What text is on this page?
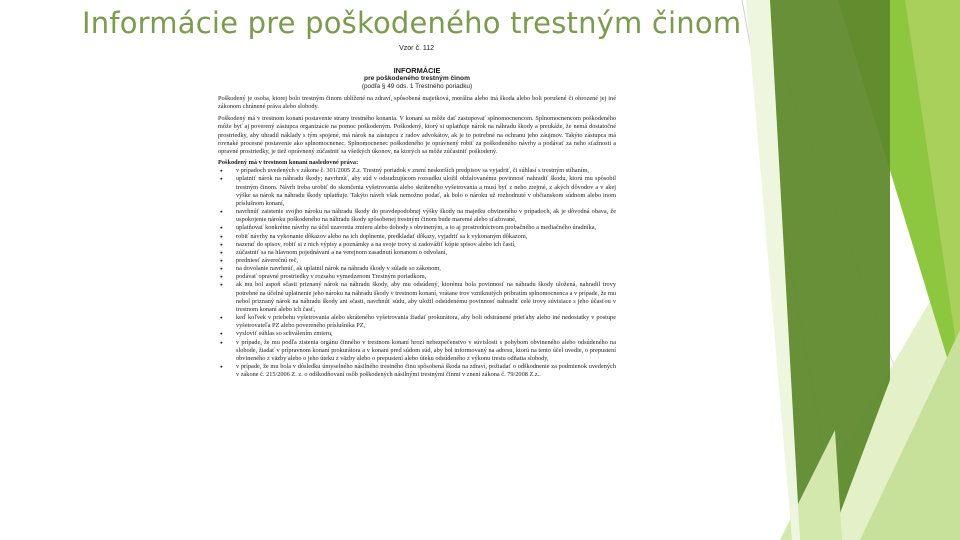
Informácie pre poškodeného trestným činom
Vzor č. 112
INFORMÁCIE
pre poškodeného trestným činom
(podľa § 49 ods. 1 Trestného poriadku)
Poškodený je osoba, ktorej bolo trestným činom ublížené na zdraví, spôsobená majetková, morálna alebo iná škoda alebo boli porušené či ohrozené jej iné zákonom chránené práva alebo slobody.
Poškodený má v trestnom konaní postavenie strany trestného konania. V konaní sa môže dať zastupovať splnomocnencom. Splnomocnencom poškodeného môže byť aj poverený zástupca organizácie na pomoc poškodeným. Poškodený, ktorý si uplatňuje nárok na náhradu škody a preukáže, že nemá dostatočné prostriedky, aby uhradil náklady s tým spojené, má nárok na zástupcu z radov advokátov, ak je to potrebné na ochranu jeho záujmov. Takýto zástupca má rovnaké procesné postavenie ako splnomocnenec. Splnomocnenec poškodeného je oprávnený robiť za poškodeného návrhy a podávať za neho sťažnosti a opravné prostriedky, je tiež oprávnený zúčastniť sa všetkých úkonov, na ktorých sa môže zúčastniť poškodený.
Poškodený má v trestnom konaní nasledovné práva:
● v prípadoch uvedených v zákone č. 301/2005 Z.z. Trestný poriadok v znení neskorších predpisov sa vyjadriť, či súhlasí s trestným stíhaním,
● uplatniť nárok na náhradu škody; navrhnúť, aby súd v odsudzujúcom rozsudku uložil obžalovanému povinnosť nahradiť škodu, ktorú mu spôsobil trestným činom. Návrh treba urobiť do skončenia vyšetrovania alebo skráteného vyšetrovania a musí byť z neho zrejmé, z akých dôvodov a v akej výške sa nárok na náhradu škody uplatňuje. Takýto návrh však nemožno podať, ak bolo o nároku už rozhodnuté v občianskom súdnom alebo inom príslušnom konaní,
● navrhnúť zaistenie svojho nároku na náhradu škody do pravdepodobnej výšky škody na majetku obvineného v prípadoch, ak je dôvodná obava, že uspokojenie nároku poškodeného na náhradu škody spôsobenej trestným činom bude maremé alebo sťažované,
● uplatňovať konkrétne návrhy na účel uzavretia zmieru alebo dohody s obvineným, a to aj prostredníctvom probačného a mediačného úradníka,
● robiť návrhy na vykonanie dôkazov alebo na ich doplnenie, predkladať dôkazy, vyjadriť sa k vykonaným dôkazom,
● nazerať do spisov, robiť si z nich výpisy a poznámky a na svoje trovy si zadovážiť kópie spisov alebo ich častí,
● zúčastniť sa na hlavnom pojednávaní a na verejnom zasadnutí konanom o odvolaní,
● predniesť záverečnú reč,
● na dovolanie navrhnúť, ak uplatnil nárok na náhradu škody v súlade so zákonom,
● podávať opravné prostriedky v rozsahu vymedzenom Trestným poriadkom,
● ak mu bol aspoň sčasti priznaný nárok na náhradu škody, aby mu odsúdený, ktorému bola povinnosť na náhradu škody uložená, nahradil trovy potrebné na účelné uplatnenie jeho nároku na náhradu škody v trestnom konaní, vrátane trov vzniknutých pribratím splnomocnenca a v prípade, že mu nebol priznaný nárok na náhradu škody ani sčasti, navrhnúť súdu, aby uložil odsúdenému povinnosť nahradiť celé trovy súvisiace s jeho účasťou v trestnom konaní alebo ich časť,
● keď koľvek v priebehu vyšetrovania alebo skráteného vyšetrovania žiadať prokurátora, aby boli odstránené prieťahy alebo iné nedostatky v postupe vyšetrovateľa PZ alebo povereného príslušníka PZ,
● vysloviť súhlas so schválením zmieru,
● v prípade, že mu podľa zistenia orgánu činného v trestnom konaní hrozí nebezpečenstvo v súvislosti s pohybom obvineného alebo odsúdeného na slobode, žiadať v prípravnom konaní prokurátora a v konaní pred súdom súd, aby bol informovaný na adresu, ktorú na tento účel uvedie, o prepustení obvineného z väzby alebo o jeho úteku z väzby alebo o prepustení alebo úteku odsúdeného z výkonu trestu odňatia slobody,
● v prípade, že mu bola v dôsledku úmyselného násilného trestného činu spôsobená škoda na zdraví, požiadať o odškodnenie za podmienok uvedených v zákone č. 215/2006 Z. z. o odškodňovaní osôb poškodených násilnými trestnými činmi v znení zákona č. 79/2008 Z.z..
